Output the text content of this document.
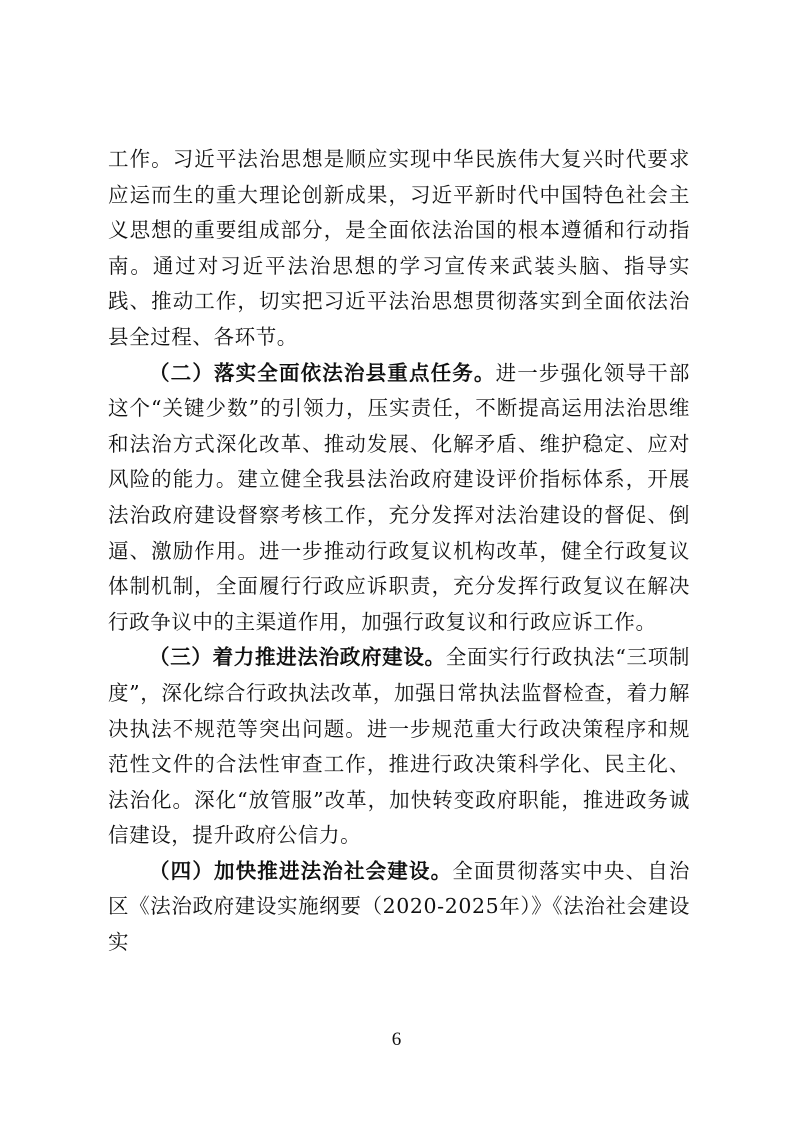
工作。习近平法治思想是顺应实现中华民族伟大复兴时代要求应运而生的重大理论创新成果，习近平新时代中国特色社会主义思想的重要组成部分，是全面依法治国的根本遵循和行动指南。通过对习近平法治思想的学习宣传来武装头脑、指导实践、推动工作，切实把习近平法治思想贯彻落实到全面依法治县全过程、各环节。

（二）落实全面依法治县重点任务。进一步强化领导干部这个“关键少数”的引领力，压实责任，不断提高运用法治思维和法治方式深化改革、推动发展、化解矛盾、维护稳定、应对风险的能力。建立健全我县法治政府建设评价指标体系，开展法治政府建设督察考核工作，充分发挥对法治建设的督促、倒逼、激励作用。进一步推动行政复议机构改革，健全行政复议体制机制，全面履行行政应诉职责，充分发挥行政复议在解决行政争议中的主渠道作用，加强行政复议和行政应诉工作。

（三）着力推进法治政府建设。全面实行行政执法“三项制度”，深化综合行政执法改革，加强日常执法监督检查，着力解决执法不规范等突出问题。进一步规范重大行政决策程序和规范性文件的合法性审查工作，推进行政决策科学化、民主化、法治化。深化“放管服”改革，加快转变政府职能，推进政务诚信建设，提升政府公信力。

（四）加快推进法治社会建设。全面贯彻落实中央、自治区《法治政府建设实施纲要（2020-2025年）》《法治社会建设实

6
